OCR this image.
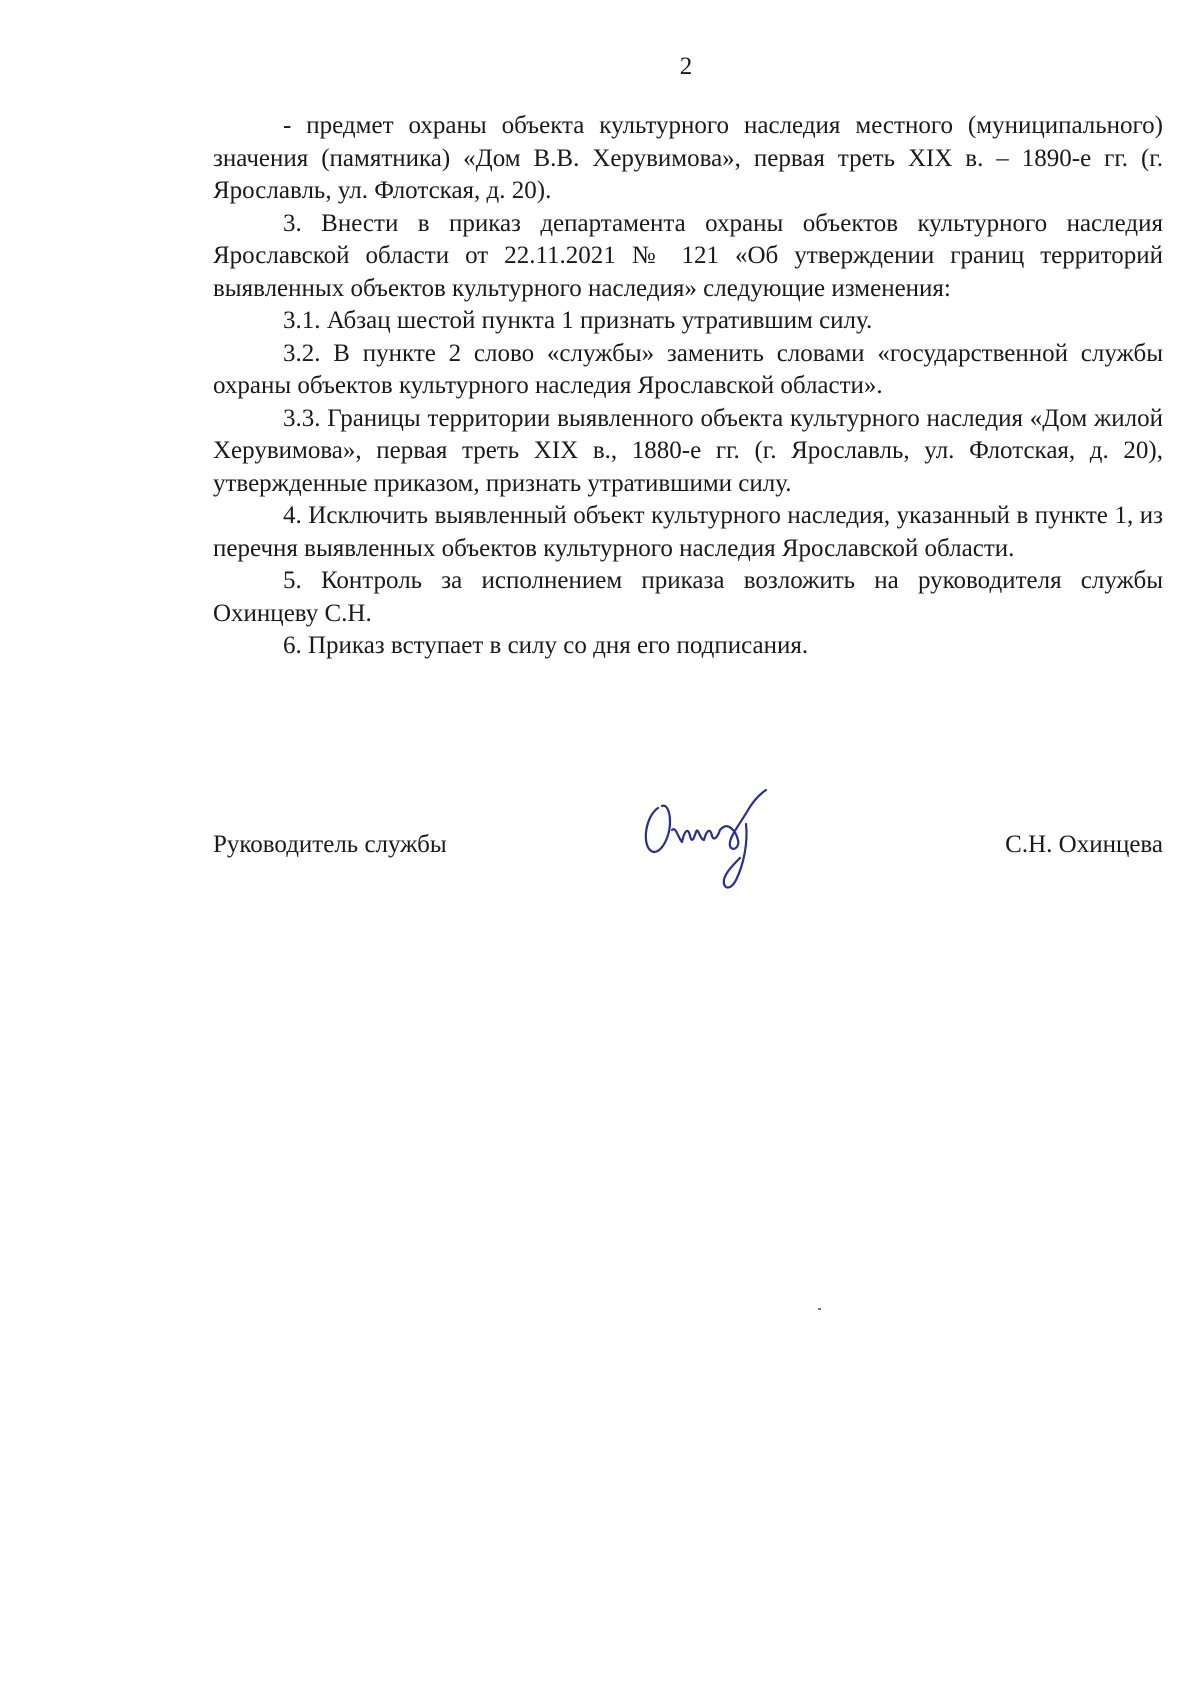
2

- предмет охраны объекта культурного наследия местного (муниципального) значения (памятника) «Дом В.В. Херувимова», первая треть XIX в. – 1890-е гг. (г. Ярославль, ул. Флотская, д. 20).

3. Внести в приказ департамента охраны объектов культурного наследия Ярославской области от 22.11.2021 № 121 «Об утверждении границ территорий выявленных объектов культурного наследия» следующие изменения:

3.1. Абзац шестой пункта 1 признать утратившим силу.

3.2. В пункте 2 слово «службы» заменить словами «государственной службы охраны объектов культурного наследия Ярославской области».

3.3. Границы территории выявленного объекта культурного наследия «Дом жилой Херувимова», первая треть XIX в., 1880-е гг. (г. Ярославль, ул. Флотская, д. 20), утвержденные приказом, признать утратившими силу.

4. Исключить выявленный объект культурного наследия, указанный в пункте 1, из перечня выявленных объектов культурного наследия Ярославской области.

5. Контроль за исполнением приказа возложить на руководителя службы Охинцеву С.Н.

6. Приказ вступает в силу со дня его подписания.

Руководитель службы	С.Н. Охинцева
